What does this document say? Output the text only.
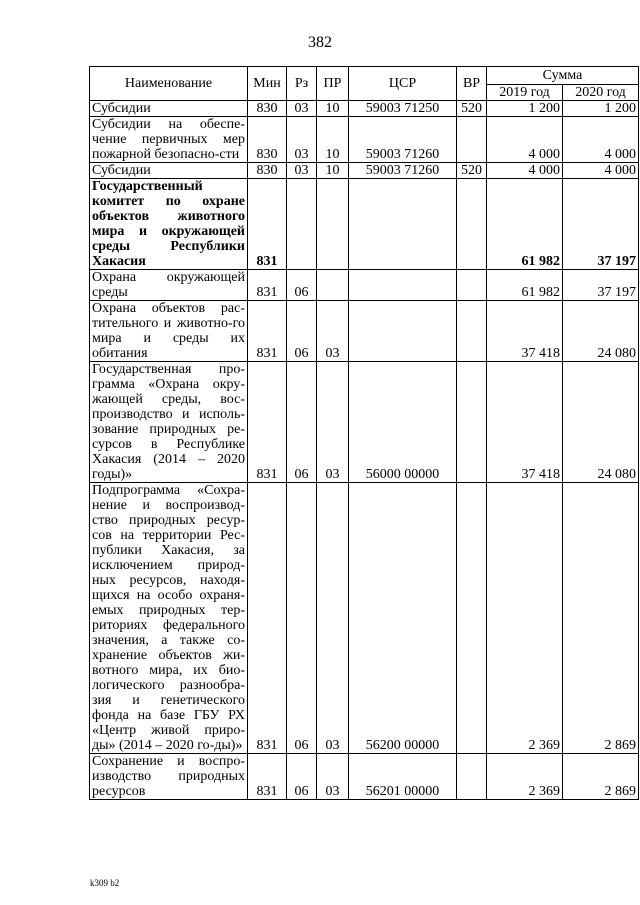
382
Наименование	Мин	Рз	ПР	ЦСР	ВР	Сумма	
						2019 год	2020 год
Субсидии	830	03	10	59003 71250	520	1 200	1 200
Субсидии на обеспе-чение первичных мер пожарной безопасно-сти	830	03	10	59003 71260		4 000	4 000
Субсидии	830	03	10	59003 71260	520	4 000	4 000
Государственный комитет по охране объектов животного мира и окружающей среды Республики Хакасия	831					61 982	37 197
Охрана окружающей среды	831	06				61 982	37 197
Охрана объектов рас-тительного и животно-го мира и среды их обитания	831	06	03			37 418	24 080
Государственная про-грамма «Охрана окру-жающей среды, вос-производство и исполь-зование природных ре-сурсов в Республике Хакасия (2014 – 2020 годы)»	831	06	03	56000 00000		37 418	24 080
Подпрограмма «Сохра-нение и воспроизвод-ство природных ресур-сов на территории Рес-публики Хакасия, за исключением природ-ных ресурсов, находя-щихся на особо охраня-емых природных тер-риториях федерального значения, а также со-хранение объектов жи-вотного мира, их био-логического разнообра-зия и генетического фонда на базе ГБУ РХ «Центр живой приро-ды» (2014 – 2020 го-ды)»	831	06	03	56200 00000		2 369	2 869
Сохранение и воспро-изводство природных ресурсов	831	06	03	56201 00000		2 369	2 869
k309 b2
